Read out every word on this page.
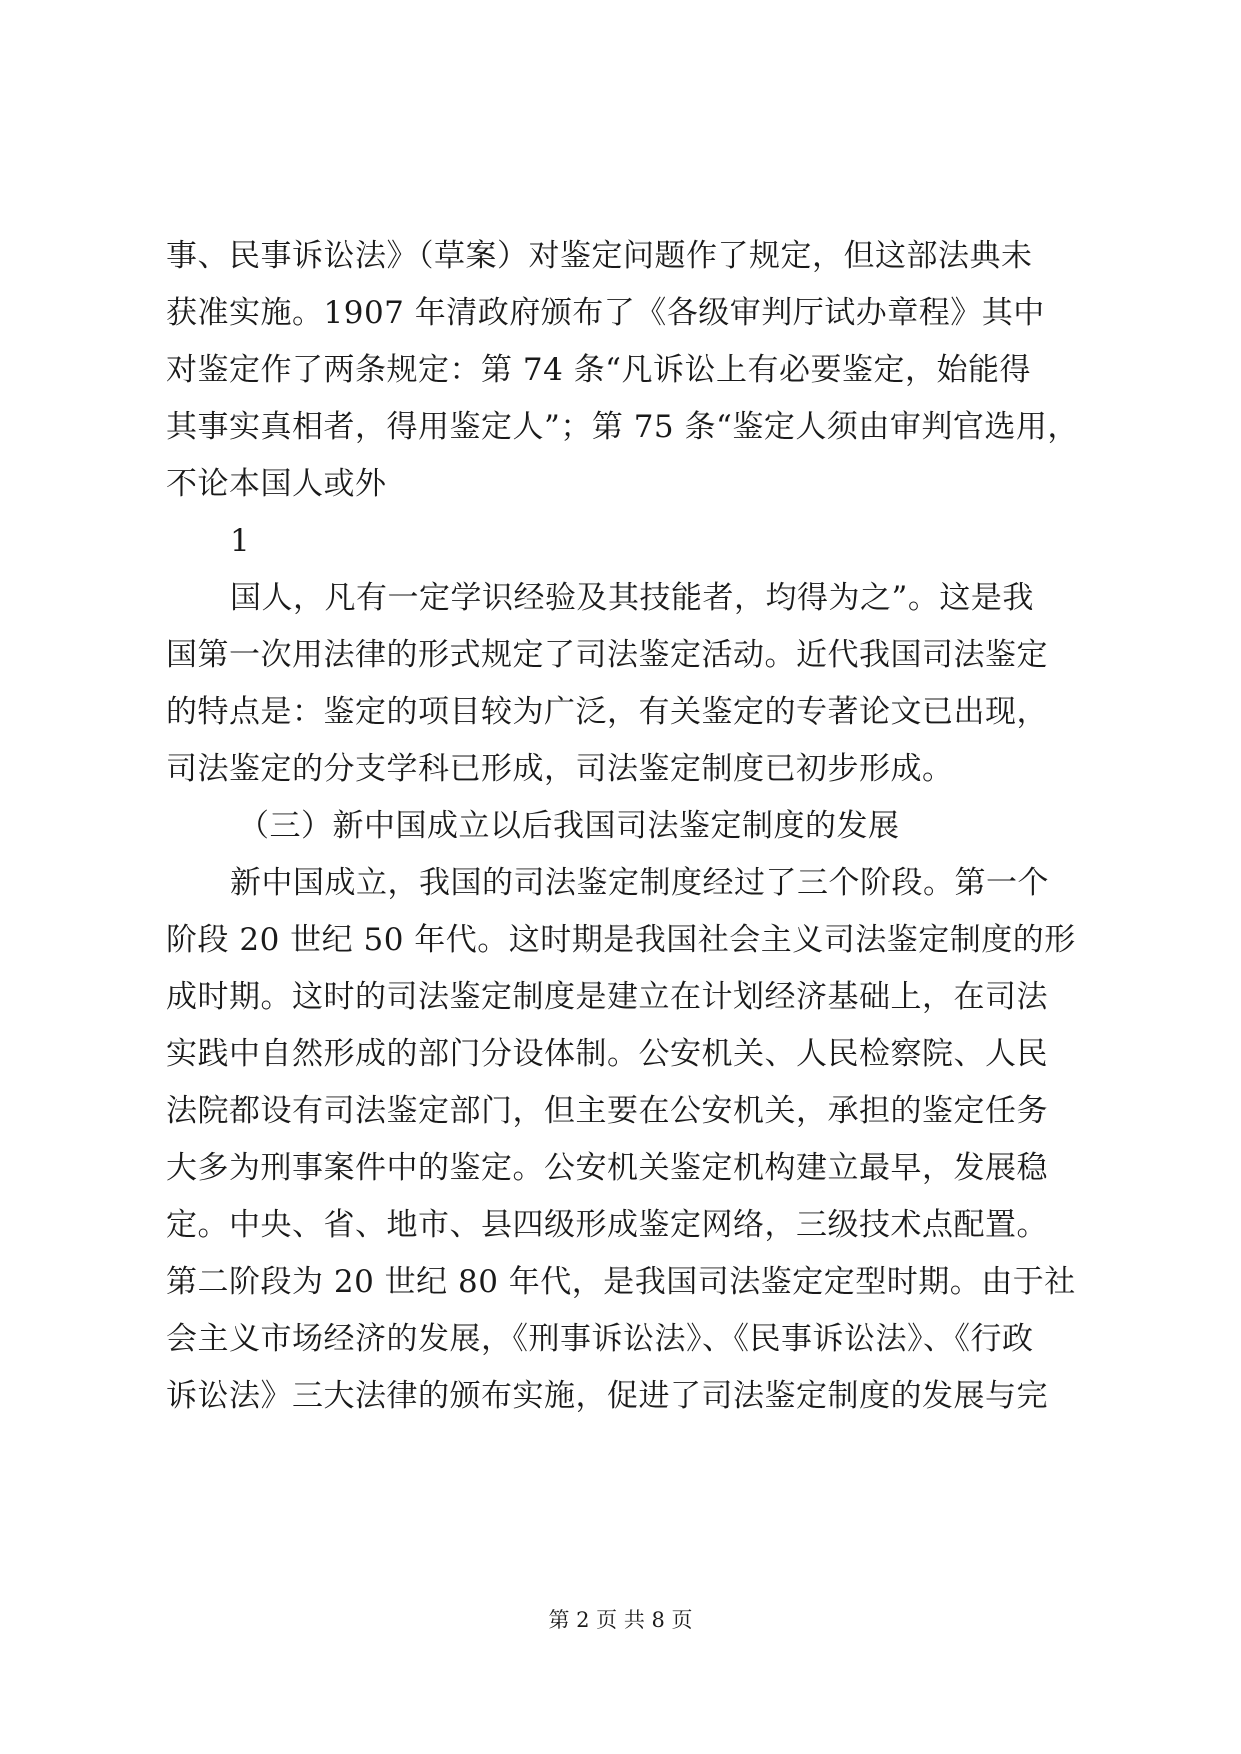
事、民事诉讼法》（草案）对鉴定问题作了规定，但这部法典未
获准实施。1907 年清政府颁布了《各级审判厅试办章程》其中
对鉴定作了两条规定：第 74 条“凡诉讼上有必要鉴定，始能得
其事实真相者，得用鉴定人”；第 75 条“鉴定人须由审判官选用，
不论本国人或外
1
国人，凡有一定学识经验及其技能者，均得为之”。这是我
国第一次用法律的形式规定了司法鉴定活动。近代我国司法鉴定
的特点是：鉴定的项目较为广泛，有关鉴定的专著论文已出现，
司法鉴定的分支学科已形成，司法鉴定制度已初步形成。
（三）新中国成立以后我国司法鉴定制度的发展
新中国成立，我国的司法鉴定制度经过了三个阶段。第一个
阶段 20 世纪 50 年代。这时期是我国社会主义司法鉴定制度的形
成时期。这时的司法鉴定制度是建立在计划经济基础上，在司法
实践中自然形成的部门分设体制。公安机关、人民检察院、人民
法院都设有司法鉴定部门，但主要在公安机关，承担的鉴定任务
大多为刑事案件中的鉴定。公安机关鉴定机构建立最早，发展稳
定。中央、省、地市、县四级形成鉴定网络，三级技术点配置。
第二阶段为 20 世纪 80 年代，是我国司法鉴定定型时期。由于社
会主义市场经济的发展，《刑事诉讼法》、《民事诉讼法》、《行政
诉讼法》三大法律的颁布实施，促进了司法鉴定制度的发展与完
第 2 页 共 8 页
